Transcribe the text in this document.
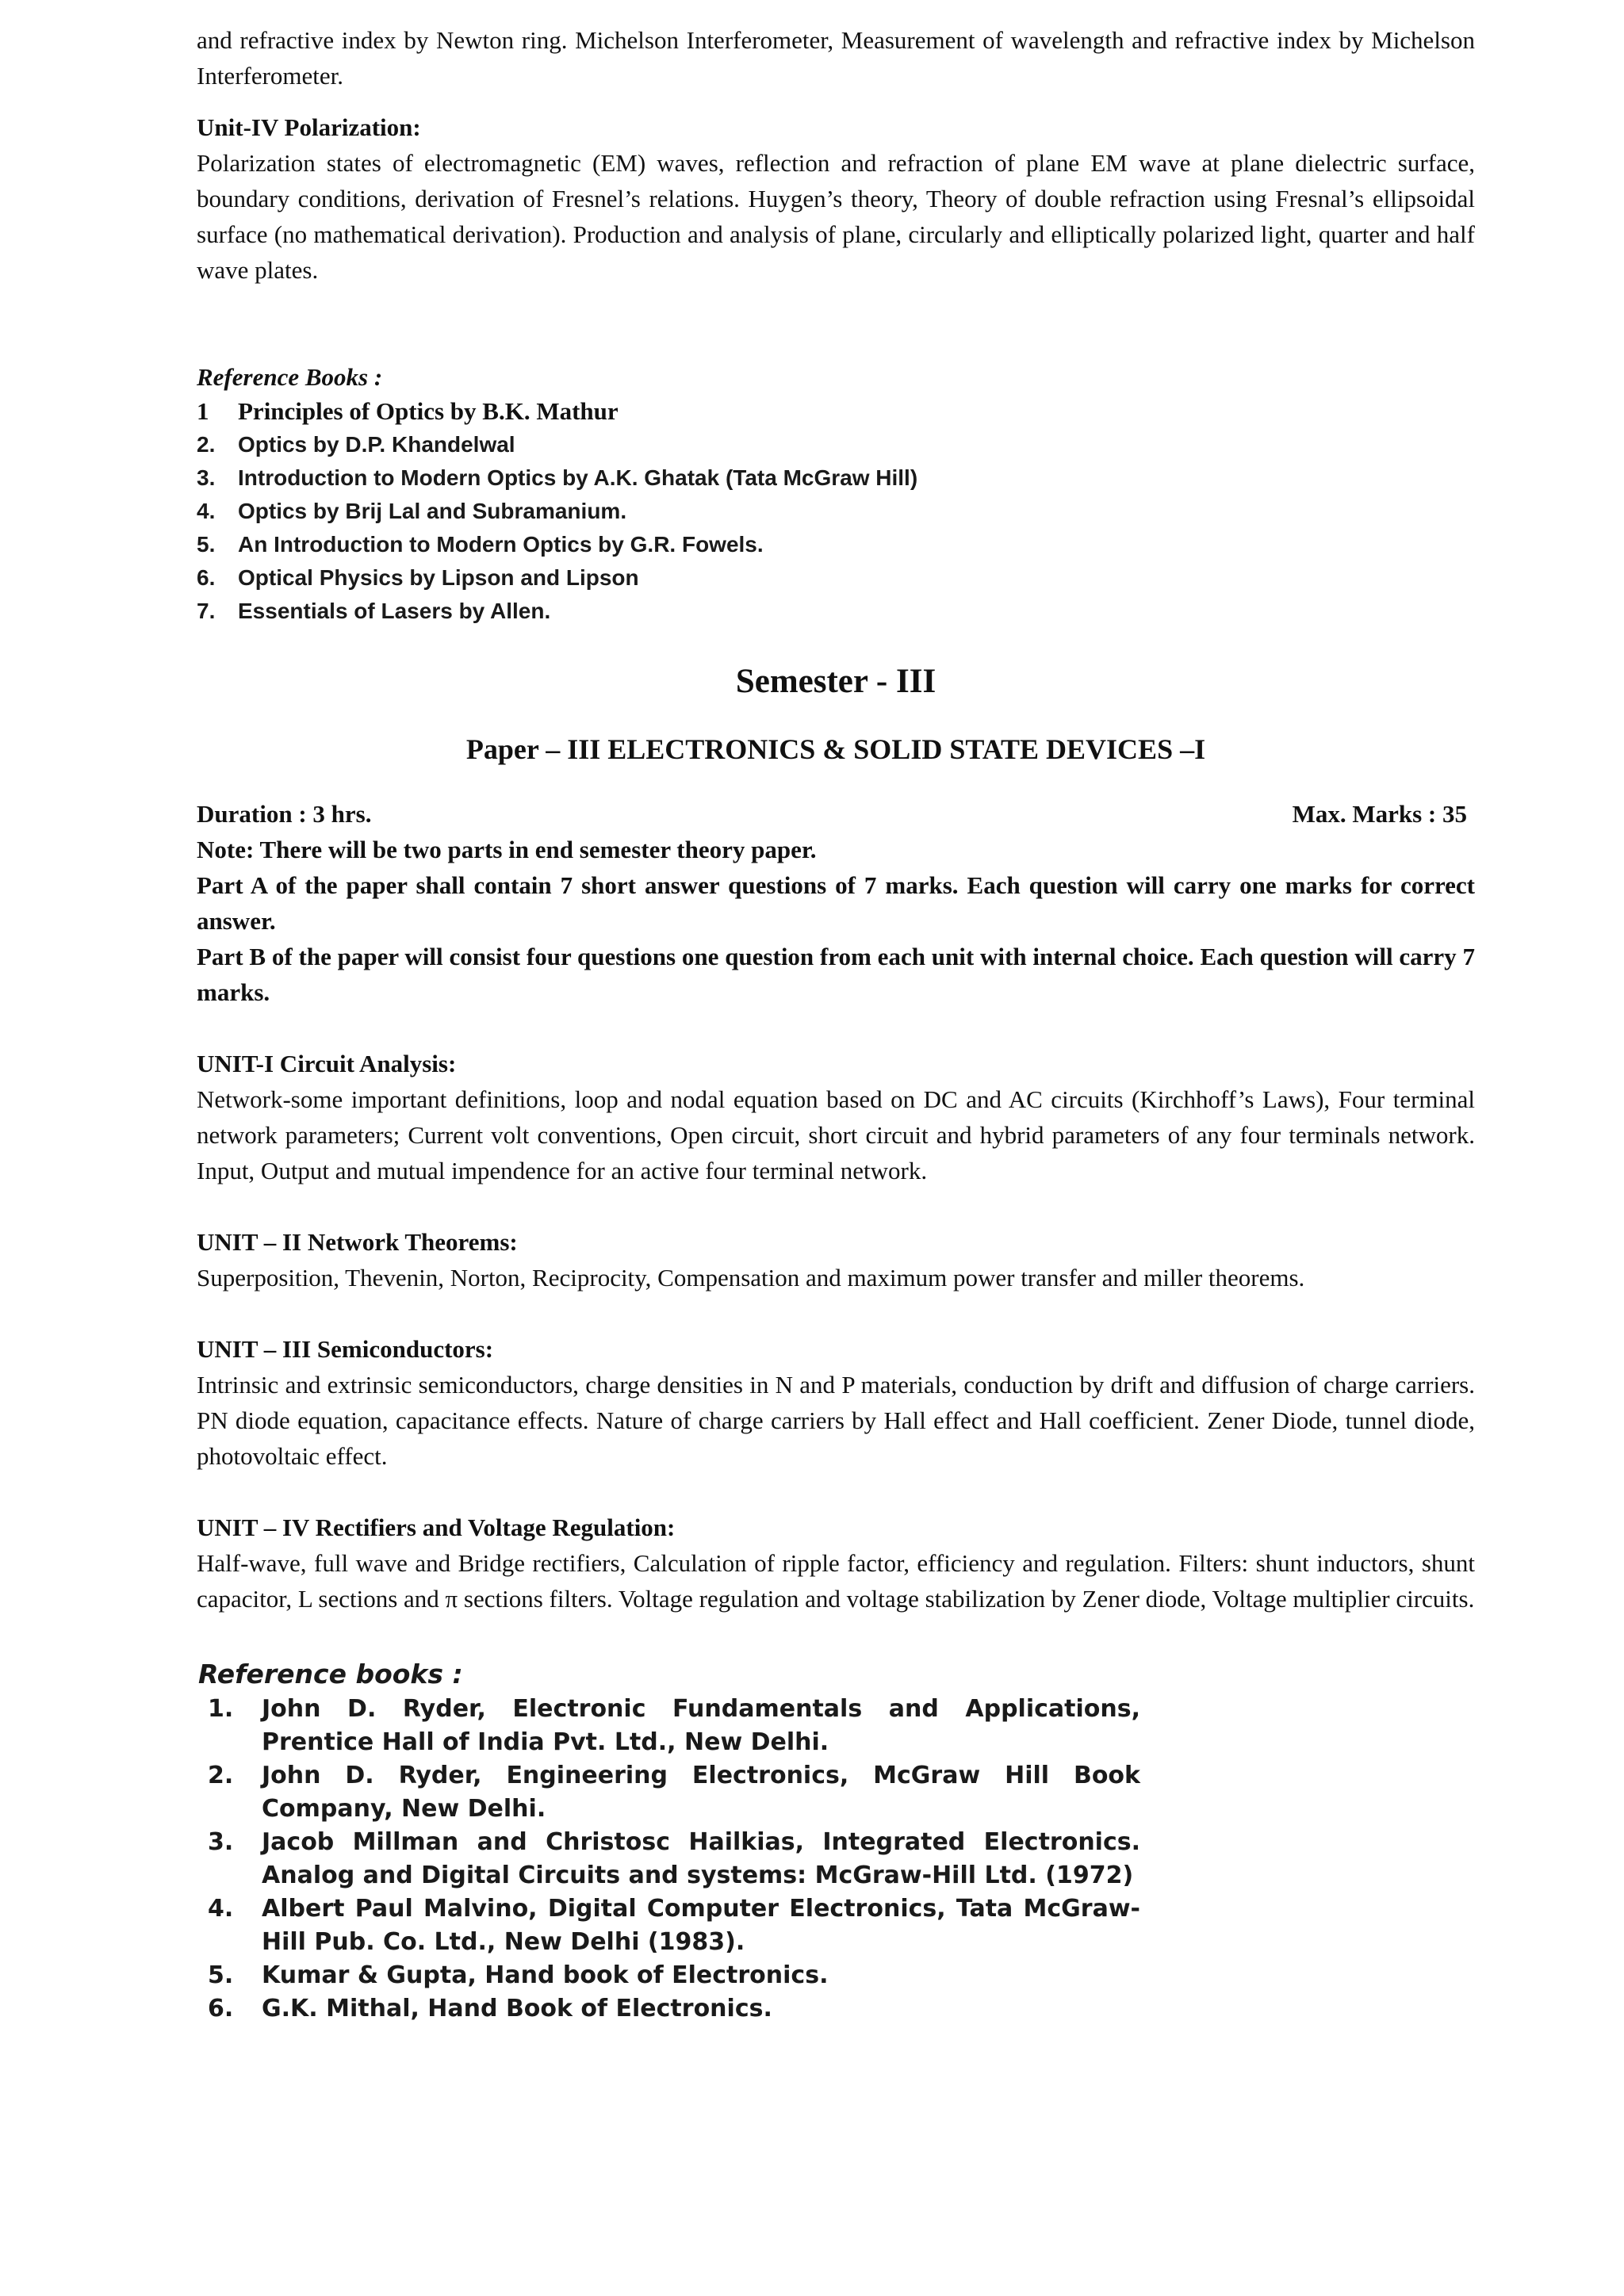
and refractive index by Newton ring. Michelson Interferometer, Measurement of wavelength and refractive index by Michelson Interferometer.

Unit-IV Polarization:

Polarization states of electromagnetic (EM) waves, reflection and refraction of plane EM wave at plane dielectric surface, boundary conditions, derivation of Fresnel’s relations. Huygen’s theory, Theory of double refraction using Fresnal’s ellipsoidal surface (no mathematical derivation). Production and analysis of plane, circularly and elliptically polarized light, quarter and half wave plates.

Reference Books :
1	Principles of Optics by B.K. Mathur
2.	Optics by D.P. Khandelwal
3.	Introduction to Modern Optics by A.K. Ghatak (Tata McGraw Hill)
4.	Optics by Brij Lal and Subramanium.
5.	An Introduction to Modern Optics by G.R. Fowels.
6.	Optical Physics by Lipson and Lipson
7.	Essentials of Lasers by Allen.
Semester - III
Paper – III ELECTRONICS & SOLID STATE DEVICES –I
Duration : 3 hrs.	Max. Marks : 35

Note: There will be two parts in end semester theory paper.

Part A of the paper shall contain 7 short answer questions of 7 marks. Each question will carry one marks for correct answer.

Part B of the paper will consist four questions one question from each unit with internal choice. Each question will carry 7 marks.

UNIT-I Circuit Analysis:

Network-some important definitions, loop and nodal equation based on DC and AC circuits (Kirchhoff’s Laws), Four terminal network parameters; Current volt conventions, Open circuit, short circuit and hybrid parameters of any four terminals network. Input, Output and mutual impendence for an active four terminal network.

UNIT – II Network Theorems:

Superposition, Thevenin, Norton, Reciprocity, Compensation and maximum power transfer and miller theorems.

UNIT – III Semiconductors:

Intrinsic and extrinsic semiconductors, charge densities in N and P materials, conduction by drift and diffusion of charge carriers. PN diode equation, capacitance effects. Nature of charge carriers by Hall effect and Hall coefficient. Zener Diode, tunnel diode, photovoltaic effect.

UNIT – IV Rectifiers and Voltage Regulation:

Half-wave, full wave and Bridge rectifiers, Calculation of ripple factor, efficiency and regulation. Filters: shunt inductors, shunt capacitor, L sections and π sections filters. Voltage regulation and voltage stabilization by Zener diode, Voltage multiplier circuits.

Reference books :
1.	John D. Ryder, Electronic Fundamentals and Applications, Prentice Hall of India Pvt. Ltd., New Delhi.
2.	John D. Ryder, Engineering Electronics, McGraw Hill Book Company, New Delhi.
3.	Jacob Millman and Christosc Hailkias, Integrated Electronics. Analog and Digital Circuits and systems: McGraw-Hill Ltd. (1972)
4.	Albert Paul Malvino, Digital Computer Electronics, Tata McGraw- Hill Pub. Co. Ltd., New Delhi (1983).
5.	Kumar & Gupta, Hand book of Electronics.
6.	G.K. Mithal, Hand Book of Electronics.
